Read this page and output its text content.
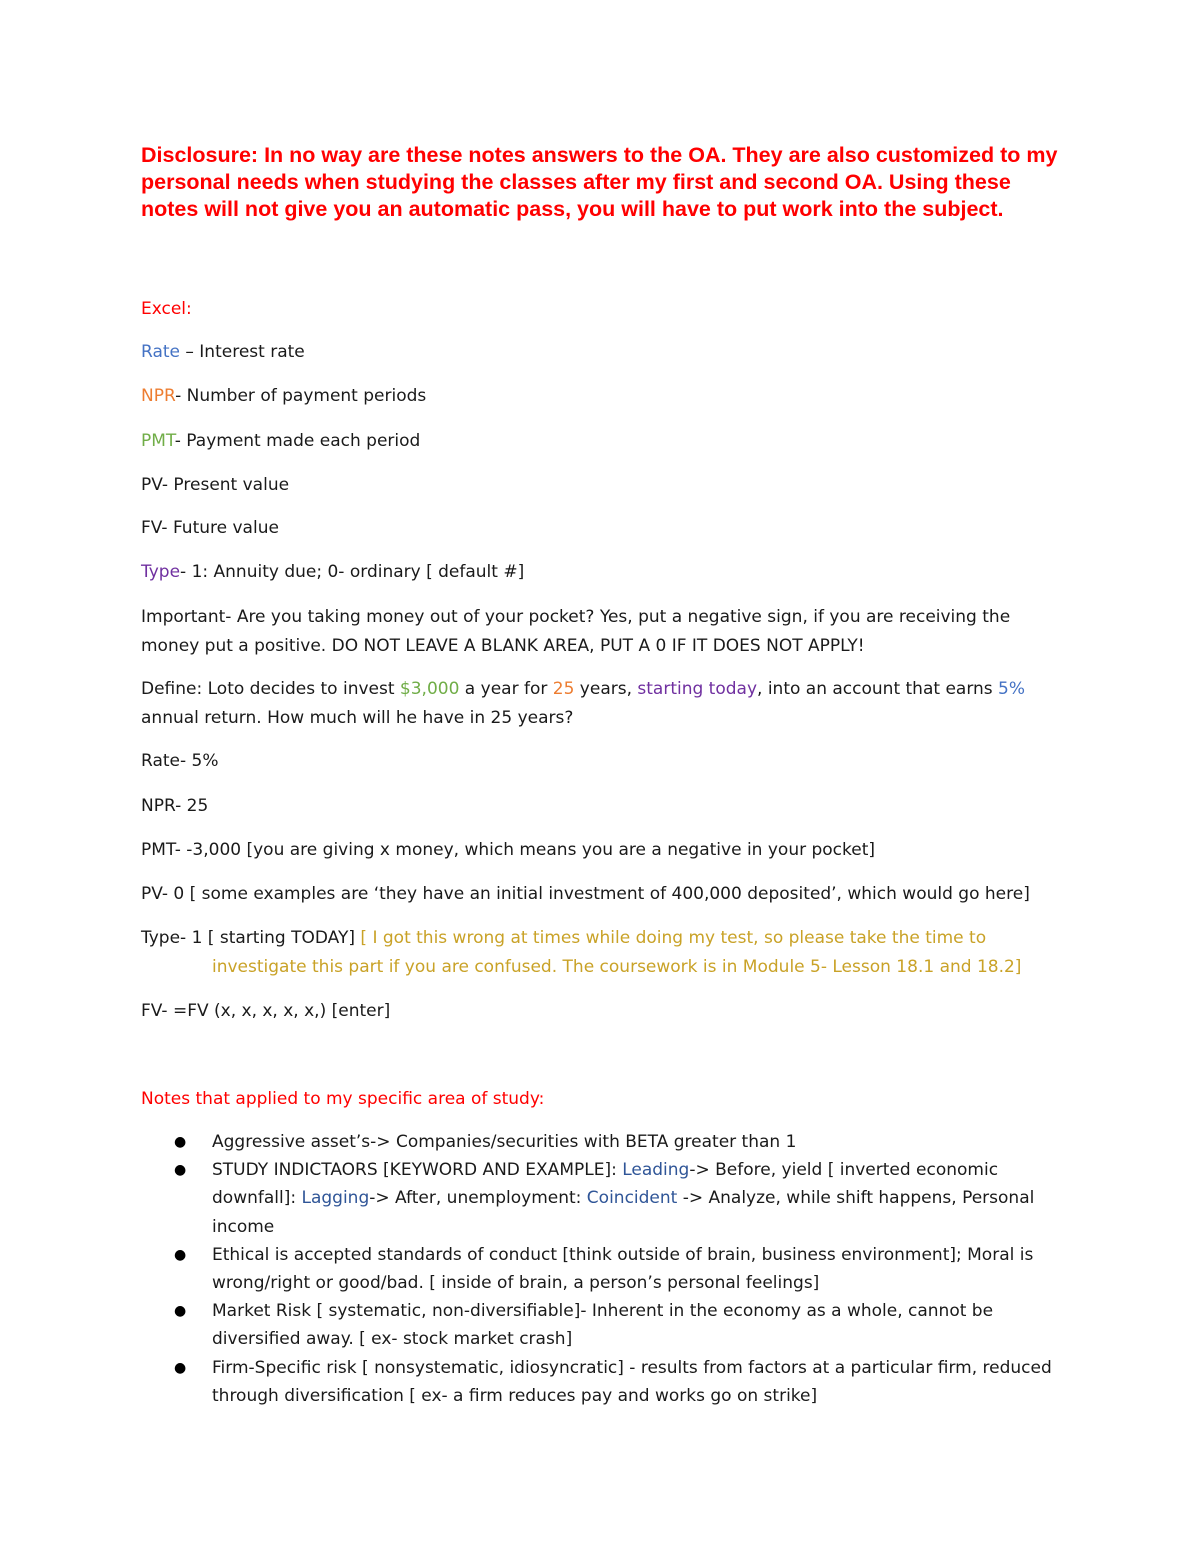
Disclosure: In no way are these notes answers to the OA. They are also customized to my personal needs when studying the classes after my first and second OA. Using these notes will not give you an automatic pass, you will have to put work into the subject.

Excel:

Rate – Interest rate

NPR- Number of payment periods

PMT- Payment made each period

PV- Present value

FV- Future value

Type- 1: Annuity due; 0- ordinary [ default #]

Important- Are you taking money out of your pocket? Yes, put a negative sign, if you are receiving the money put a positive. DO NOT LEAVE A BLANK AREA, PUT A 0 IF IT DOES NOT APPLY!

Define: Loto decides to invest $3,000 a year for 25 years, starting today, into an account that earns 5%

annual return. How much will he have in 25 years?

Rate- 5%

NPR- 25

PMT- -3,000 [you are giving x money, which means you are a negative in your pocket]

PV- 0 [ some examples are ‘they have an initial investment of 400,000 deposited’, which would go here]

Type- 1 [ starting TODAY] [ I got this wrong at times while doing my test, so please take the time to

investigate this part if you are confused. The coursework is in Module 5- Lesson 18.1 and 18.2]

FV- =FV (x, x, x, x, x,) [enter]

Notes that applied to my specific area of study:

● Aggressive asset’s-> Companies/securities with BETA greater than 1
● STUDY INDICTAORS [KEYWORD AND EXAMPLE]: Leading-> Before, yield [ inverted economic downfall]: Lagging-> After, unemployment: Coincident -> Analyze, while shift happens, Personal income
● Ethical is accepted standards of conduct [think outside of brain, business environment]; Moral is wrong/right or good/bad. [ inside of brain, a person’s personal feelings]
● Market Risk [ systematic, non-diversifiable]- Inherent in the economy as a whole, cannot be diversified away. [ ex- stock market crash]
● Firm-Specific risk [ nonsystematic, idiosyncratic] - results from factors at a particular firm, reduced through diversification [ ex- a firm reduces pay and works go on strike]
